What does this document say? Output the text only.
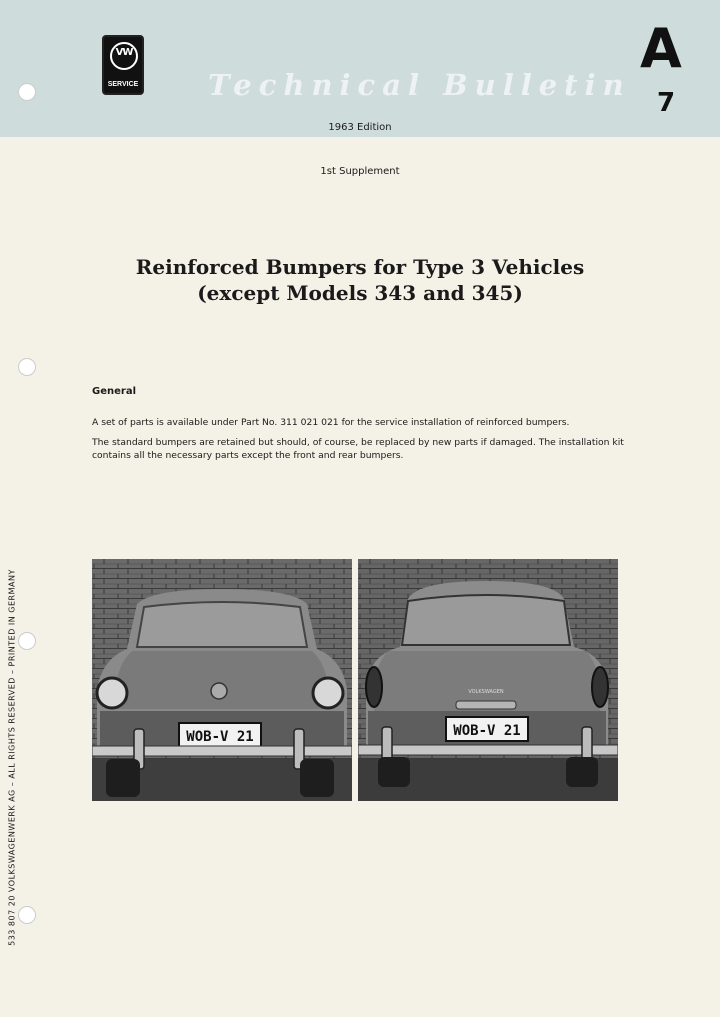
VW
SERVICE Technical Bulletin
A
7
1963 Edition
1st Supplement
Reinforced Bumpers for Type 3 Vehicles
(except Models 343 and 345)
General
A set of parts is available under Part No. 311 021 021 for the service installation of reinforced bumpers.
The standard bumpers are retained but should, of course, be replaced by new parts if damaged. The installation kit contains all the necessary parts except the front and rear bumpers.
533 807 20 VOLKSWAGENWERK AG – ALL RIGHTS RESERVED – PRINTED IN GERMANY	WOB-V 21
VOLKSWAGEN
WOB-V 21
